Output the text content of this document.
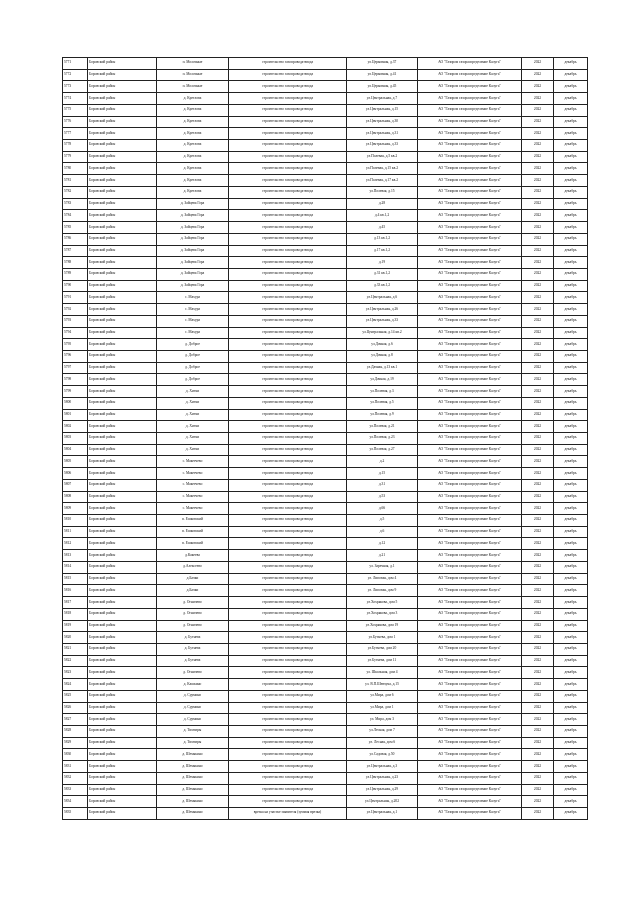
5771	Боровский район	п. Молочные	строительство газопровода-ввода	ул.Церковная, д.37	АО "Газпром газораспределение Калуга"	2022	декабрь
5772	Боровский район	п. Молочные	строительство газопровода-ввода	ул.Церковная, д.41	АО "Газпром газораспределение Калуга"	2022	декабрь
5773	Боровский район	п. Молочные	строительство газопровода-ввода	ул.Церковная, д.45	АО "Газпром газораспределение Калуга"	2022	декабрь
5774	Боровский район	д. Кретлова	строительство газопровода-ввода	ул.Центральная, д.7	АО "Газпром газораспределение Калуга"	2022	декабрь
5775	Боровский район	д. Кретлова	строительство газопровода-ввода	ул.Центральная, д.15	АО "Газпром газораспределение Калуга"	2022	декабрь
5776	Боровский район	д. Кретлова	строительство газопровода-ввода	ул.Центральная, д.30	АО "Газпром газораспределение Калуга"	2022	декабрь
5777	Боровский район	д. Кретлова	строительство газопровода-ввода	ул.Центральная, д.31	АО "Газпром газораспределение Калуга"	2022	декабрь
5778	Боровский район	д. Кретлова	строительство газопровода-ввода	ул.Центральная, д.33	АО "Газпром газораспределение Калуга"	2022	декабрь
5779	Боровский район	д. Кретлова	строительство газопровода-ввода	ул.Полевая, д.5 кв.2	АО "Газпром газораспределение Калуга"	2022	декабрь
5780	Боровский район	д. Кретлова	строительство газопровода-ввода	ул.Полевая, д.15 кв.2	АО "Газпром газораспределение Калуга"	2022	декабрь
5781	Боровский район	д. Кретлова	строительство газопровода-ввода	ул.Полевая, д.17 кв.2	АО "Газпром газораспределение Калуга"	2022	декабрь
5782	Боровский район	д. Кретлова	строительство газопровода-ввода	ул.Полевая, д.15	АО "Газпром газораспределение Калуга"	2022	декабрь
5783	Боровский район	д. Зайцева Гора	строительство газопровода-ввода	д.28	АО "Газпром газораспределение Калуга"	2022	декабрь
5784	Боровский район	д. Зайцева Гора	строительство газопровода-ввода	д.4 кв.1,2	АО "Газпром газораспределение Калуга"	2022	декабрь
5785	Боровский район	д. Зайцева Гора	строительство газопровода-ввода	д.45	АО "Газпром газораспределение Калуга"	2022	декабрь
5786	Боровский район	д. Зайцева Гора	строительство газопровода-ввода	д.13 кв.1,2	АО "Газпром газораспределение Калуга"	2022	декабрь
5787	Боровский район	д. Зайцева Гора	строительство газопровода-ввода	д.17 кв.1,2	АО "Газпром газораспределение Калуга"	2022	декабрь
5788	Боровский район	д. Зайцева Гора	строительство газопровода-ввода	д.19	АО "Газпром газораспределение Калуга"	2022	декабрь
5789	Боровский район	д. Зайцева Гора	строительство газопровода-ввода	д.31 кв.1,2	АО "Газпром газораспределение Калуга"	2022	декабрь
5790	Боровский район	д. Зайцева Гора	строительство газопровода-ввода	д.33 кв.1,2	АО "Газпром газораспределение Калуга"	2022	декабрь
5791	Боровский район	с. Махура	строительство газопровода-ввода	ул.Центральная, д.6	АО "Газпром газораспределение Калуга"	2022	декабрь
5792	Боровский район	с. Махура	строительство газопровода-ввода	ул.Центральная, д.26	АО "Газпром газораспределение Калуга"	2022	декабрь
5793	Боровский район	с. Махура	строительство газопровода-ввода	ул.Центральная, д.33	АО "Газпром газораспределение Калуга"	2022	декабрь
5794	Боровский район	с. Махура	строительство газопровода-ввода	ул.Центральная, д.14 кв.2	АО "Газпром газораспределение Калуга"	2022	декабрь
5795	Боровский район	д. Доброе	строительство газопровода-ввода	ул.Дачная, д.6	АО "Газпром газораспределение Калуга"	2022	декабрь
5796	Боровский район	д. Доброе	строительство газопровода-ввода	ул.Дачная, д.8	АО "Газпром газораспределение Калуга"	2022	декабрь
5797	Боровский район	д. Доброе	строительство газопровода-ввода	ул.Дачная, д.13 кв.1	АО "Газпром газораспределение Калуга"	2022	декабрь
5798	Боровский район	д. Доброе	строительство газопровода-ввода	ул.Дачная, д.19	АО "Газпром газораспределение Калуга"	2022	декабрь
5799	Боровский район	д. Хитки	строительство газопровода-ввода	ул.Полевая, д.3	АО "Газпром газораспределение Калуга"	2022	декабрь
5800	Боровский район	д. Хитки	строительство газопровода-ввода	ул.Полевая, д.5	АО "Газпром газораспределение Калуга"	2022	декабрь
5801	Боровский район	д. Хитки	строительство газопровода-ввода	ул.Полевая, д.9	АО "Газпром газораспределение Калуга"	2022	декабрь
5802	Боровский район	д. Хитки	строительство газопровода-ввода	ул.Полевая, д.21	АО "Газпром газораспределение Калуга"	2022	декабрь
5803	Боровский район	д. Хитки	строительство газопровода-ввода	ул.Полевая, д.23	АО "Газпром газораспределение Калуга"	2022	декабрь
5804	Боровский район	д. Хитки	строительство газопровода-ввода	ул.Полевая, д.27	АО "Газпром газораспределение Калуга"	2022	декабрь
5805	Боровский район	с. Макеечево	строительство газопровода-ввода	д.2	АО "Газпром газораспределение Калуга"	2022	декабрь
5806	Боровский район	с. Макеечево	строительство газопровода-ввода	д.15	АО "Газпром газораспределение Калуга"	2022	декабрь
5807	Боровский район	с. Макеечево	строительство газопровода-ввода	д.31	АО "Газпром газораспределение Калуга"	2022	декабрь
5808	Боровский район	с. Макеечево	строительство газопровода-ввода	д.53	АО "Газпром газораспределение Калуга"	2022	декабрь
5809	Боровский район	с. Макеечево	строительство газопровода-ввода	д.66	АО "Газпром газораспределение Калуга"	2022	декабрь
5810	Боровский район	п. Ешковский	строительство газопровода-ввода	д.5	АО "Газпром газораспределение Калуга"	2022	декабрь
5811	Боровский район	п. Ешковский	строительство газопровода-ввода	д.6	АО "Газпром газораспределение Калуга"	2022	декабрь
5812	Боровский район	п. Ешковский	строительство газопровода-ввода	д.12	АО "Газпром газораспределение Калуга"	2022	декабрь
5813	Боровский район	д.Какеева	строительство газопровода-ввода	д.21	АО "Газпром газораспределение Калуга"	2022	декабрь
5814	Боровский район	д.Алексеево	строительство газопровода-ввода	ул. Заречная, д.1	АО "Газпром газораспределение Калуга"	2022	декабрь
5815	Боровский район	д.Бачки	строительство газопровода-ввода	ул. Липовая, дом 4	АО "Газпром газораспределение Калуга"	2022	декабрь
5816	Боровский район	д.Бачки	строительство газопровода-ввода	ул. Липовая, дом 9	АО "Газпром газораспределение Калуга"	2022	декабрь
5817	Боровский район	д. Огничево	строительство газопровода-ввода	ул.Хохрякова, дом 5	АО "Газпром газораспределение Калуга"	2022	декабрь
5818	Боровский район	д. Огничево	строительство газопровода-ввода	ул.Хохрякова, дом 3	АО "Газпром газораспределение Калуга"	2022	декабрь
5819	Боровский район	д. Огничево	строительство газопровода-ввода	ул.Хохрякова, дом 19	АО "Газпром газораспределение Калуга"	2022	декабрь
5820	Боровский район	д. Бутнева	строительство газопровода-ввода	ул.Бутнева, дом 1	АО "Газпром газораспределение Калуга"	2022	декабрь
5821	Боровский район	д. Бутнева	строительство газопровода-ввода	ул.Бутнева, дом 20	АО "Газпром газораспределение Калуга"	2022	декабрь
5822	Боровский район	д. Бутнева	строительство газопровода-ввода	ул.Бутнева, дом 11	АО "Газпром газораспределение Калуга"	2022	декабрь
5823	Боровский район	д. Огничево	строительство газопровода-ввода	ул. Школьная, дом 4	АО "Газпром газораспределение Калуга"	2022	декабрь
5824	Боровский район	д. Кашкино	строительство газопровода-ввода	ул. В.П.Шевчука, д.15	АО "Газпром газораспределение Калуга"	2022	декабрь
5825	Боровский район	д. Сурмино	строительство газопровода-ввода	ул.Мира, дом 6	АО "Газпром газораспределение Калуга"	2022	декабрь
5826	Боровский район	д. Сурмино	строительство газопровода-ввода	ул.Мира, дом 1	АО "Газпром газораспределение Калуга"	2022	декабрь
5827	Боровский район	д. Сурмино	строительство газопровода-ввода	ул. Мира, дом 3	АО "Газпром газораспределение Калуга"	2022	декабрь
5828	Боровский район	д. Тимтиры	строительство газопровода-ввода	ул.Лесная, дом 7	АО "Газпром газораспределение Калуга"	2022	декабрь
5829	Боровский район	д. Тимтиры	строительство газопровода-ввода	ул. Лесная, дом 6	АО "Газпром газораспределение Калуга"	2022	декабрь
5830	Боровский район	д. Шемякино	строительство газопровода-ввода	ул.Садовая, д.50	АО "Газпром газораспределение Калуга"	2022	декабрь
5831	Боровский район	д. Шемякино	строительство газопровода-ввода	ул.Центральная, д.3	АО "Газпром газораспределение Калуга"	2022	декабрь
5832	Боровский район	д. Шемякино	строительство газопровода-ввода	ул.Центральная, д.23	АО "Газпром газораспределение Калуга"	2022	декабрь
5833	Боровский район	д. Шемякино	строительство газопровода-ввода	ул.Центральная, д.29	АО "Газпром газораспределение Калуга"	2022	декабрь
5834	Боровский район	д. Шемякино	строительство газопровода-ввода	ул.Центральная, д.202	АО "Газпром газораспределение Калуга"	2022	декабрь
5835	Боровский район	д. Шемякино	врезка на участке заявителя (зуммая врезка)	ул.Центральная, д.1	АО "Газпром газораспределение Калуга"	2022	декабрь
